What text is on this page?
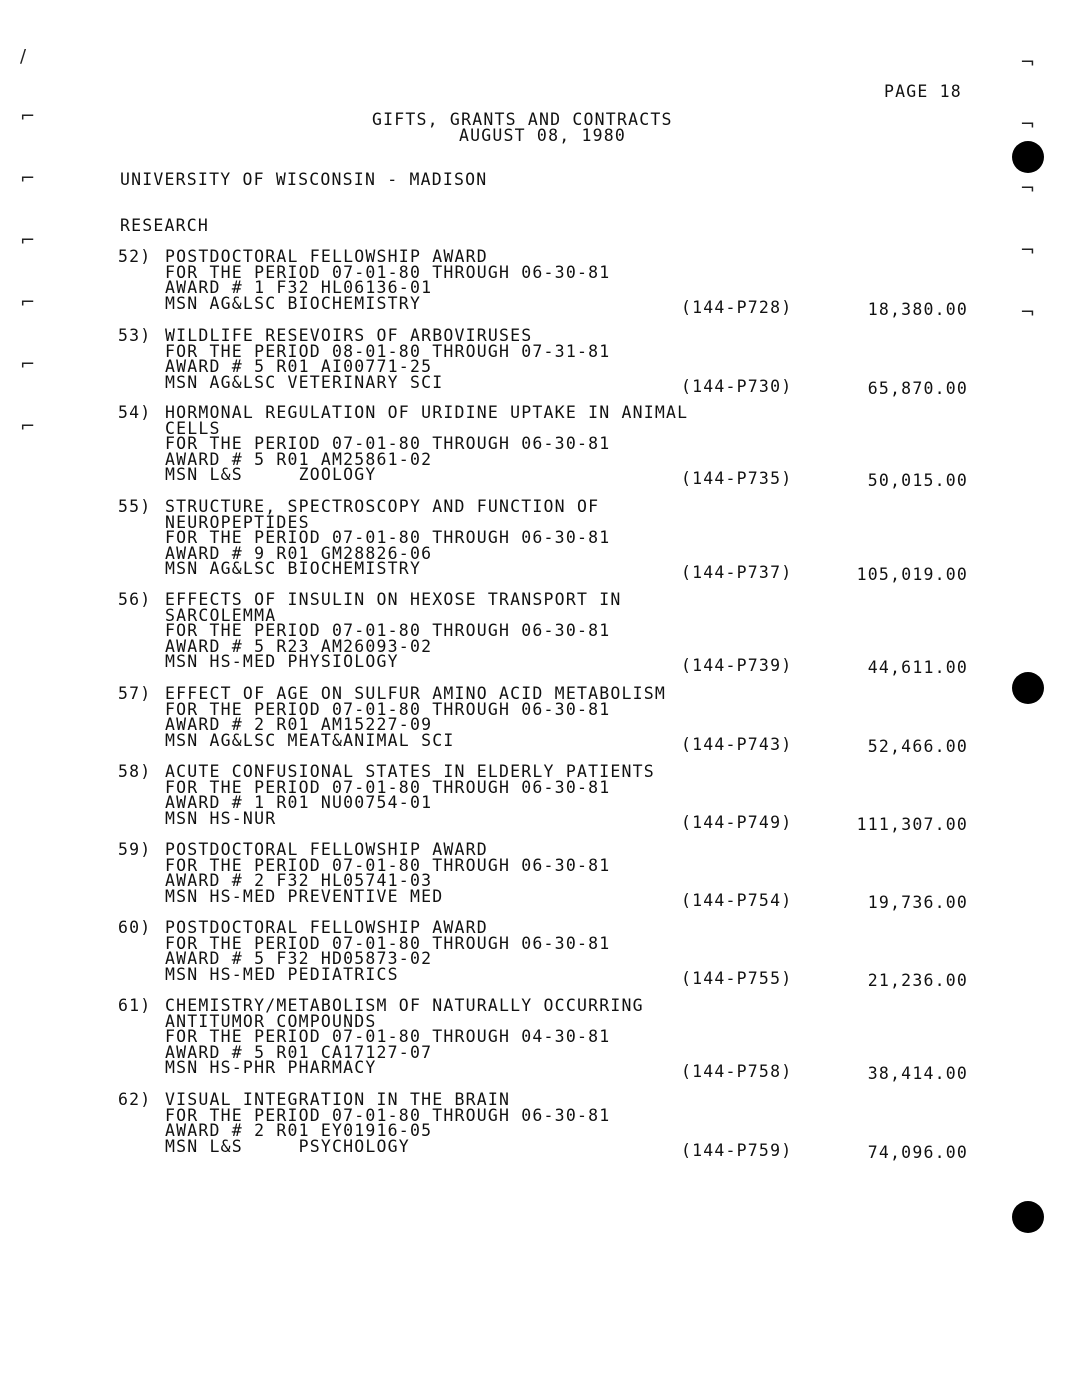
/
⌐
⌐
⌐
⌐
⌐
⌐
¬
¬
¬
¬
¬
PAGE 18
GIFTS, GRANTS AND CONTRACTS
AUGUST 08, 1980
UNIVERSITY OF WISCONSIN - MADISON
RESEARCH
52) POSTDOCTORAL FELLOWSHIP AWARD
FOR THE PERIOD 07-01-80 THROUGH 06-30-81
AWARD # 1 F32 HL06136-01
MSN AG&LSC BIOCHEMISTRY	(144-P728)	18,380.00
53) WILDLIFE RESEVOIRS OF ARBOVIRUSES
FOR THE PERIOD 08-01-80 THROUGH 07-31-81
AWARD # 5 R01 AI00771-25
MSN AG&LSC VETERINARY SCI	(144-P730)	65,870.00
54) HORMONAL REGULATION OF URIDINE UPTAKE IN ANIMAL
CELLS
FOR THE PERIOD 07-01-80 THROUGH 06-30-81
AWARD # 5 R01 AM25861-02
MSN L&S     ZOOLOGY	(144-P735)	50,015.00
55) STRUCTURE, SPECTROSCOPY AND FUNCTION OF
NEUROPEPTIDES
FOR THE PERIOD 07-01-80 THROUGH 06-30-81
AWARD # 9 R01 GM28826-06
MSN AG&LSC BIOCHEMISTRY	(144-P737)	105,019.00
56) EFFECTS OF INSULIN ON HEXOSE TRANSPORT IN
SARCOLEMMA
FOR THE PERIOD 07-01-80 THROUGH 06-30-81
AWARD # 5 R23 AM26093-02
MSN HS-MED PHYSIOLOGY	(144-P739)	44,611.00
57) EFFECT OF AGE ON SULFUR AMINO ACID METABOLISM
FOR THE PERIOD 07-01-80 THROUGH 06-30-81
AWARD # 2 R01 AM15227-09
MSN AG&LSC MEAT&ANIMAL SCI	(144-P743)	52,466.00
58) ACUTE CONFUSIONAL STATES IN ELDERLY PATIENTS
FOR THE PERIOD 07-01-80 THROUGH 06-30-81
AWARD # 1 R01 NU00754-01
MSN HS-NUR	(144-P749)	111,307.00
59) POSTDOCTORAL FELLOWSHIP AWARD
FOR THE PERIOD 07-01-80 THROUGH 06-30-81
AWARD # 2 F32 HL05741-03
MSN HS-MED PREVENTIVE MED	(144-P754)	19,736.00
60) POSTDOCTORAL FELLOWSHIP AWARD
FOR THE PERIOD 07-01-80 THROUGH 06-30-81
AWARD # 5 F32 HD05873-02
MSN HS-MED PEDIATRICS	(144-P755)	21,236.00
61) CHEMISTRY/METABOLISM OF NATURALLY OCCURRING
ANTITUMOR COMPOUNDS
FOR THE PERIOD 07-01-80 THROUGH 04-30-81
AWARD # 5 R01 CA17127-07
MSN HS-PHR PHARMACY	(144-P758)	38,414.00
62) VISUAL INTEGRATION IN THE BRAIN
FOR THE PERIOD 07-01-80 THROUGH 06-30-81
AWARD # 2 R01 EY01916-05
MSN L&S     PSYCHOLOGY	(144-P759)	74,096.00
